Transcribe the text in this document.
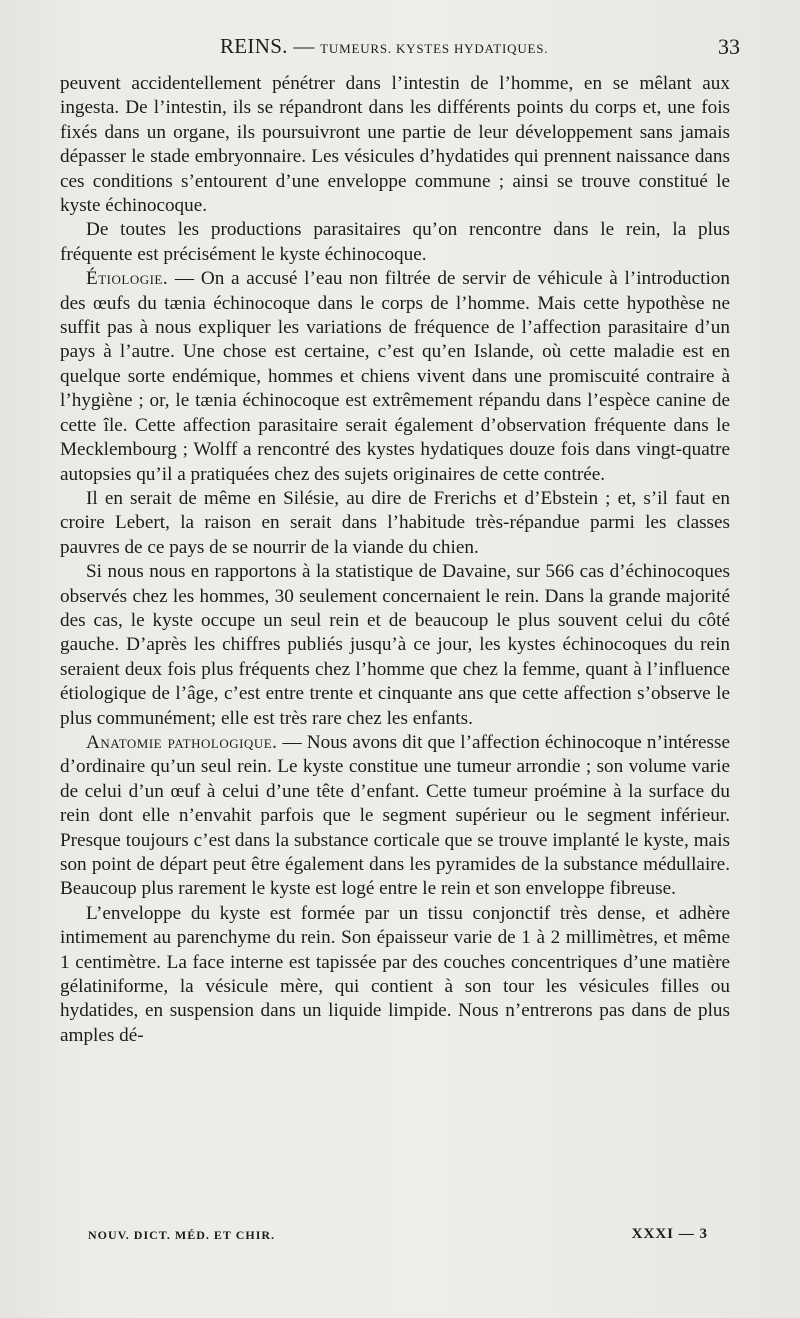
REINS. — TUMEURS. KYSTES HYDATIQUES.	33

peuvent accidentellement pénétrer dans l’intestin de l’homme, en se mêlant aux ingesta. De l’intestin, ils se répandront dans les différents points du corps et, une fois fixés dans un organe, ils poursuivront une partie de leur développement sans jamais dépasser le stade embryonnaire. Les vésicules d’hydatides qui prennent naissance dans ces conditions s’entourent d’une enveloppe commune ; ainsi se trouve constitué le kyste échinocoque.

De toutes les productions parasitaires qu’on rencontre dans le rein, la plus fréquente est précisément le kyste échinocoque.

Étiologie. — On a accusé l’eau non filtrée de servir de véhicule à l’introduction des œufs du tænia échinocoque dans le corps de l’homme. Mais cette hypothèse ne suffit pas à nous expliquer les variations de fréquence de l’affection parasitaire d’un pays à l’autre. Une chose est certaine, c’est qu’en Islande, où cette maladie est en quelque sorte endémique, hommes et chiens vivent dans une promiscuité contraire à l’hygiène ; or, le tænia échinocoque est extrêmement répandu dans l’espèce canine de cette île. Cette affection parasitaire serait également d’observation fréquente dans le Mecklembourg ; Wolff a rencontré des kystes hydatiques douze fois dans vingt-quatre autopsies qu’il a pratiquées chez des sujets originaires de cette contrée.

Il en serait de même en Silésie, au dire de Frerichs et d’Ebstein ; et, s’il faut en croire Lebert, la raison en serait dans l’habitude très-répandue parmi les classes pauvres de ce pays de se nourrir de la viande du chien.

Si nous nous en rapportons à la statistique de Davaine, sur 566 cas d’échinocoques observés chez les hommes, 30 seulement concernaient le rein. Dans la grande majorité des cas, le kyste occupe un seul rein et de beaucoup le plus souvent celui du côté gauche. D’après les chiffres publiés jusqu’à ce jour, les kystes échinocoques du rein seraient deux fois plus fréquents chez l’homme que chez la femme, quant à l’influence étiologique de l’âge, c’est entre trente et cinquante ans que cette affection s’observe le plus communément; elle est très rare chez les enfants.

Anatomie pathologique. — Nous avons dit que l’affection échinocoque n’intéresse d’ordinaire qu’un seul rein. Le kyste constitue une tumeur arrondie ; son volume varie de celui d’un œuf à celui d’une tête d’enfant. Cette tumeur proémine à la surface du rein dont elle n’envahit parfois que le segment supérieur ou le segment inférieur. Presque toujours c’est dans la substance corticale que se trouve implanté le kyste, mais son point de départ peut être également dans les pyramides de la substance médullaire. Beaucoup plus rarement le kyste est logé entre le rein et son enveloppe fibreuse.

L’enveloppe du kyste est formée par un tissu conjonctif très dense, et adhère intimement au parenchyme du rein. Son épaisseur varie de 1 à 2 millimètres, et même 1 centimètre. La face interne est tapissée par des couches concentriques d’une matière gélatiniforme, la vésicule mère, qui contient à son tour les vésicules filles ou hydatides, en suspension dans un liquide limpide. Nous n’entrerons pas dans de plus amples dé-

NOUV. DICT. MÉD. ET CHIR.	XXXI — 3
